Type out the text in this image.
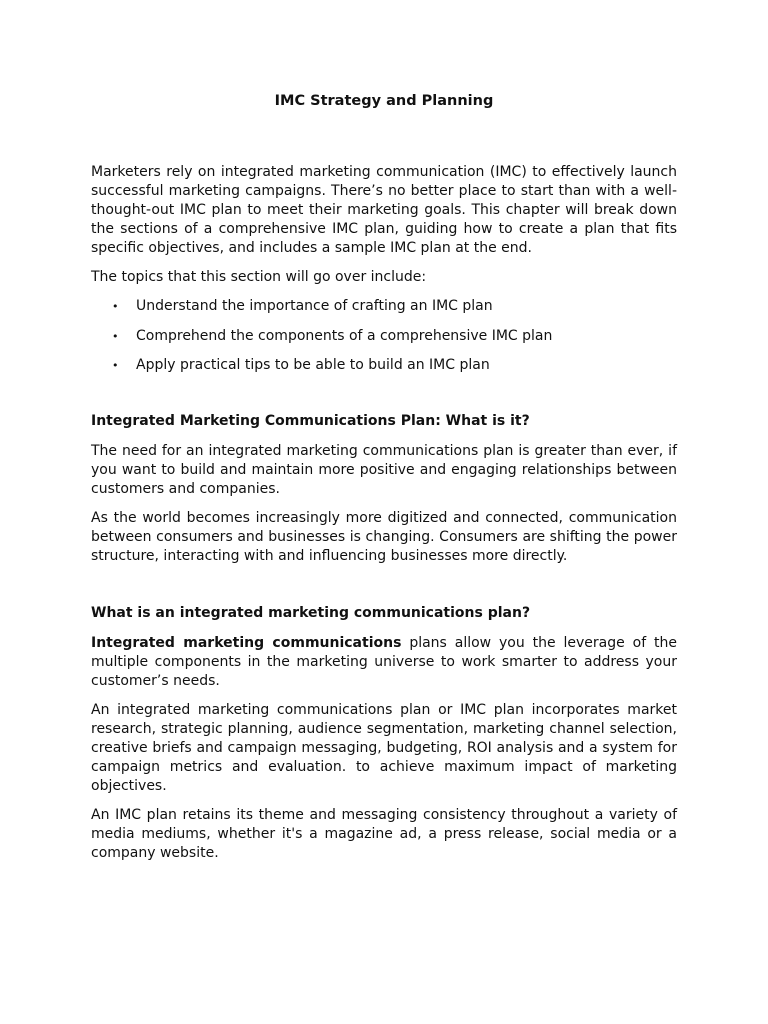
IMC Strategy and Planning

Marketers rely on integrated marketing communication (IMC) to effectively launch successful marketing campaigns. There’s no better place to start than with a well-thought-out IMC plan to meet their marketing goals. This chapter will break down the sections of a comprehensive IMC plan, guiding how to create a plan that fits specific objectives, and includes a sample IMC plan at the end.

The topics that this section will go over include:

• Understand the importance of crafting an IMC plan
• Comprehend the components of a comprehensive IMC plan
• Apply practical tips to be able to build an IMC plan
Integrated Marketing Communications Plan: What is it?

The need for an integrated marketing communications plan is greater than ever, if you want to build and maintain more positive and engaging relationships between customers and companies.

As the world becomes increasingly more digitized and connected, communication between consumers and businesses is changing. Consumers are shifting the power structure, interacting with and influencing businesses more directly.

What is an integrated marketing communications plan?

Integrated marketing communications plans allow you the leverage of the multiple components in the marketing universe to work smarter to address your customer’s needs.

An integrated marketing communications plan or IMC plan incorporates market research, strategic planning, audience segmentation, marketing channel selection, creative briefs and campaign messaging, budgeting, ROI analysis and a system for campaign metrics and evaluation. to achieve maximum impact of marketing objectives.

An IMC plan retains its theme and messaging consistency throughout a variety of media mediums, whether it's a magazine ad, a press release, social media or a company website.
